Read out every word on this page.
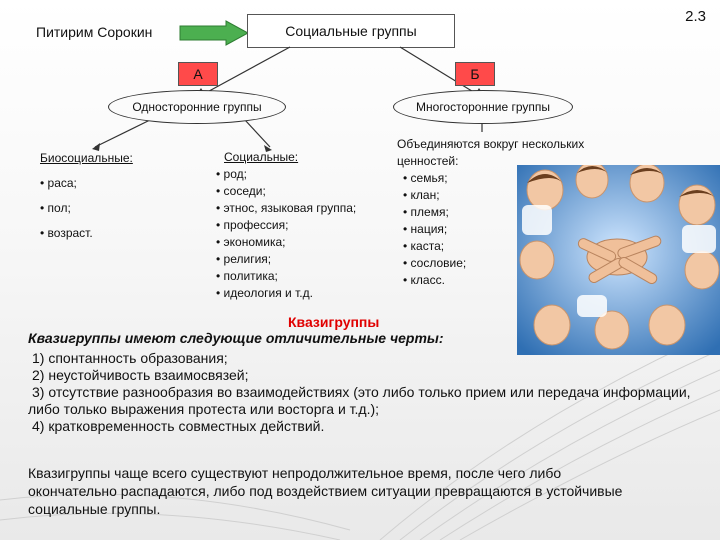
2.3
Питирим Сорокин	Социальные группы
А	Б
Односторонние группы	Многосторонние группы
Биосоциальные:
• раса;
• пол;
• возраст.
Социальные:
• род;
• соседи;
• этнос, языковая группа;
• профессия;
• экономика;
• религия;
• политика;
• идеология и т.д.
Объединяются вокруг нескольких
ценностей:
• семья;
• клан;
• племя;
• нация;
• каста;
• сословие;
• класс.
Квазигруппы
Квазигруппы имеют следующие отличительные черты:
1) спонтанность образования;
2) неустойчивость взаимосвязей;
3) отсутствие разнообразия во взаимодействиях (это либо только прием или передача информации, либо только выражения протеста или восторга и т.д.);
4) кратковременность совместных действий.
Квазигруппы чаще всего существуют непродолжительное время, после чего либо окончательно распадаются, либо под воздействием ситуации превращаются в устойчивые социальные группы.
